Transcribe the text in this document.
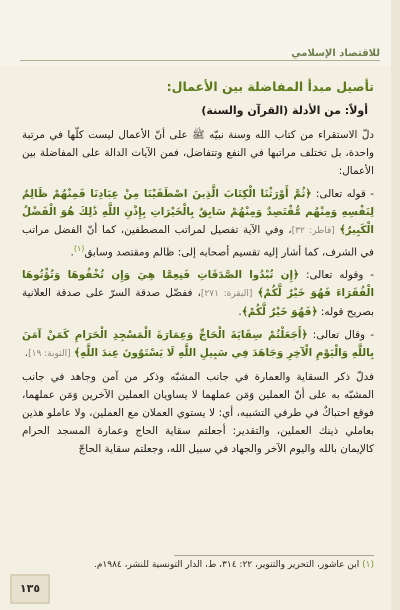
للاقتصاد الإسلامي
تأصيل مبدأ المفاضلة بين الأعمال:
أولاً: من الأدلة (القرآن والسنة)

دلّ الاستقراء من كتاب الله وسنة نبيّه ﷺ على أنّ الأعمال ليست كلّها في مرتبة واحدة، بل تختلف مراتبها في النفع وتتفاضل، فمن الآيات الدالة على المفاضلة بين الأعمال:

- قوله تعالى: ﴿ثُمَّ أَوْرَثْنَا الْكِتَابَ الَّذِينَ اصْطَفَيْنَا مِنْ عِبَادِنَا فَمِنْهُمْ ظَالِمٌ لِنَفْسِهِ وَمِنْهُم مُّقْتَصِدٌ وَمِنْهُمْ سَابِقٌ بِالْخَيْرَاتِ بِإِذْنِ اللَّهِ ذَٰلِكَ هُوَ الْفَضْلُ الْكَبِيرُ﴾ [فاطر: ٣٢]، وفي الآية تفصيل لمراتب المصطفين، كما أنّ الفضل مراتب في الشرف، كما أشار إليه تقسيم أصحابه إلى: ظالم ومقتصد وسابق$^{(١)}$.

- وقوله تعالى: ﴿إِن تُبْدُوا الصَّدَقَاتِ فَنِعِمَّا هِيَ وَإِن تُخْفُوهَا وَتُؤْتُوهَا الْفُقَرَاءَ فَهُوَ خَيْرٌ لَّكُمْ﴾ [البقرة: ٢٧١]، ففضّل صدقة السرّ على صدقة العلانية بصريح قوله: ﴿فَهُوَ خَيْرٌ لَّكُمْ﴾.

- وقال تعالى: ﴿أَجَعَلْتُمْ سِقَايَةَ الْحَاجِّ وَعِمَارَةَ الْمَسْجِدِ الْحَرَامِ كَمَنْ آمَنَ بِاللَّهِ وَالْيَوْمِ الْآخِرِ وَجَاهَدَ فِي سَبِيلِ اللَّهِ لَا يَسْتَوُونَ عِندَ اللَّهِ﴾ [التوبة: ١٩].

فدلّ ذكر السقاية والعمارة في جانب المشبّه وذكر من آمن وجاهد في جانب المشبّه به على أنّ العملين وَمَن عملهما لا يساويان العملين الآخرين وَمَن عملهما، فوقع احتباكٌ في طرفي التشبيه، أي: لا يستوي العملان مع العملين، ولا عاملو هذين بعاملي ذينك العملين، والتقدير: أجعلتم سقاية الحاج وعمارة المسجد الحرام كالإيمان بالله واليوم الآخر والجهاد في سبيل الله، وجعلتم سقاية الحاجّ

(١) ابن عاشور، التحرير والتنوير، ٢٢: ٣١٤، ط، الدار التونسية للنشر، ١٩٨٤م.
١٣٥
